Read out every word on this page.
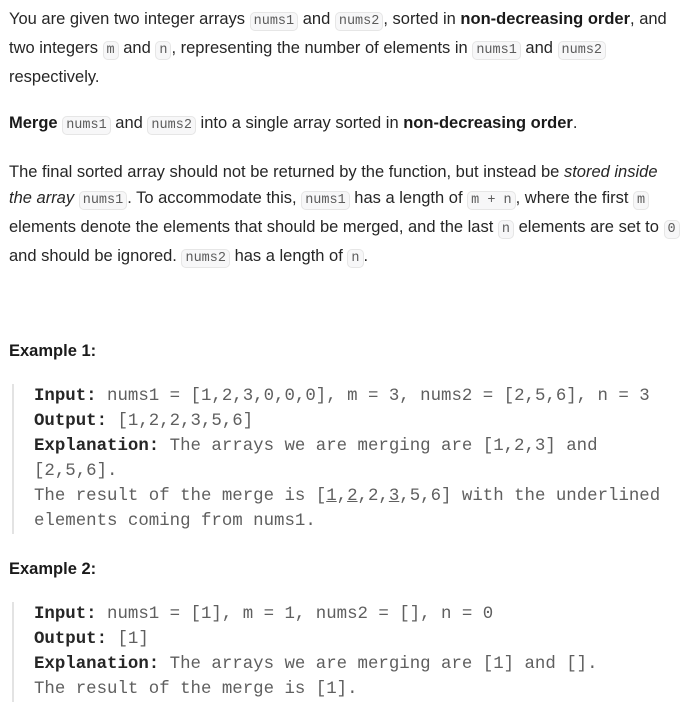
You are given two integer arrays nums1 and nums2 , sorted in non-decreasing order, and two integers m and n , representing the number of elements in nums1 and nums2 respectively.

Merge nums1 and nums2 into a single array sorted in non-decreasing order.

The final sorted array should not be returned by the function, but instead be stored inside the array nums1 . To accommodate this, nums1 has a length of m + n , where the first m elements denote the elements that should be merged, and the last n elements are set to 0 and should be ignored. nums2 has a length of n .

Example 1:
Input: nums1 = [1,2,3,0,0,0], m = 3, nums2 = [2,5,6], n = 3
Output: [1,2,2,3,5,6]
Explanation: The arrays we are merging are [1,2,3] and [2,5,6].
The result of the merge is [1,2,2,3,5,6] with the underlined elements coming from nums1.
Example 2:
Input: nums1 = [1], m = 1, nums2 = [], n = 0
Output: [1]
Explanation: The arrays we are merging are [1] and [].
The result of the merge is [1].
